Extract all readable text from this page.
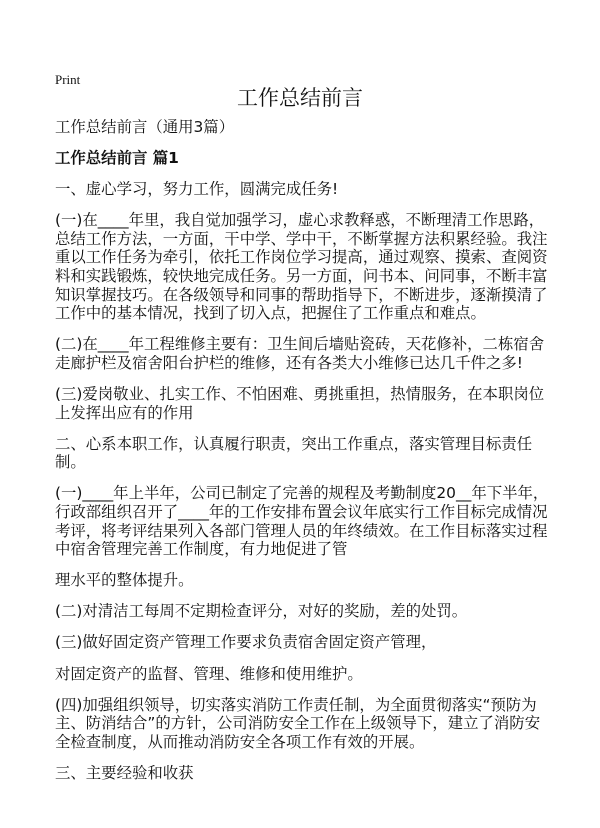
Print
工作总结前言

工作总结前言（通用3篇）

工作总结前言 篇1

一、虚心学习，努力工作，圆满完成任务!

(一)在____年里，我自觉加强学习，虚心求教释惑，不断理清工作思路，总结工作方法，一方面，干中学、学中干，不断掌握方法积累经验。我注重以工作任务为牵引，依托工作岗位学习提高，通过观察、摸索、查阅资料和实践锻炼，较快地完成任务。另一方面，问书本、问同事，不断丰富知识掌握技巧。在各级领导和同事的帮助指导下，不断进步，逐渐摸清了工作中的基本情况，找到了切入点，把握住了工作重点和难点。

(二)在____年工程维修主要有：卫生间后墙贴瓷砖，天花修补，二栋宿舍走廊护栏及宿舍阳台护栏的维修，还有各类大小维修已达几千件之多!

(三)爱岗敬业、扎实工作、不怕困难、勇挑重担，热情服务，在本职岗位上发挥出应有的作用

二、心系本职工作，认真履行职责，突出工作重点，落实管理目标责任制。

(一)____年上半年，公司已制定了完善的规程及考勤制度20__年下半年，行政部组织召开了____年的工作安排布置会议年底实行工作目标完成情况考评，将考评结果列入各部门管理人员的年终绩效。在工作目标落实过程中宿舍管理完善工作制度，有力地促进了管

理水平的整体提升。

(二)对清洁工每周不定期检查评分，对好的奖励，差的处罚。

(三)做好固定资产管理工作要求负责宿舍固定资产管理，

对固定资产的监督、管理、维修和使用维护。

(四)加强组织领导，切实落实消防工作责任制，为全面贯彻落实“预防为主、防消结合”的方针，公司消防安全工作在上级领导下，建立了消防安全检查制度，从而推动消防安全各项工作有效的开展。

三、主要经验和收获
